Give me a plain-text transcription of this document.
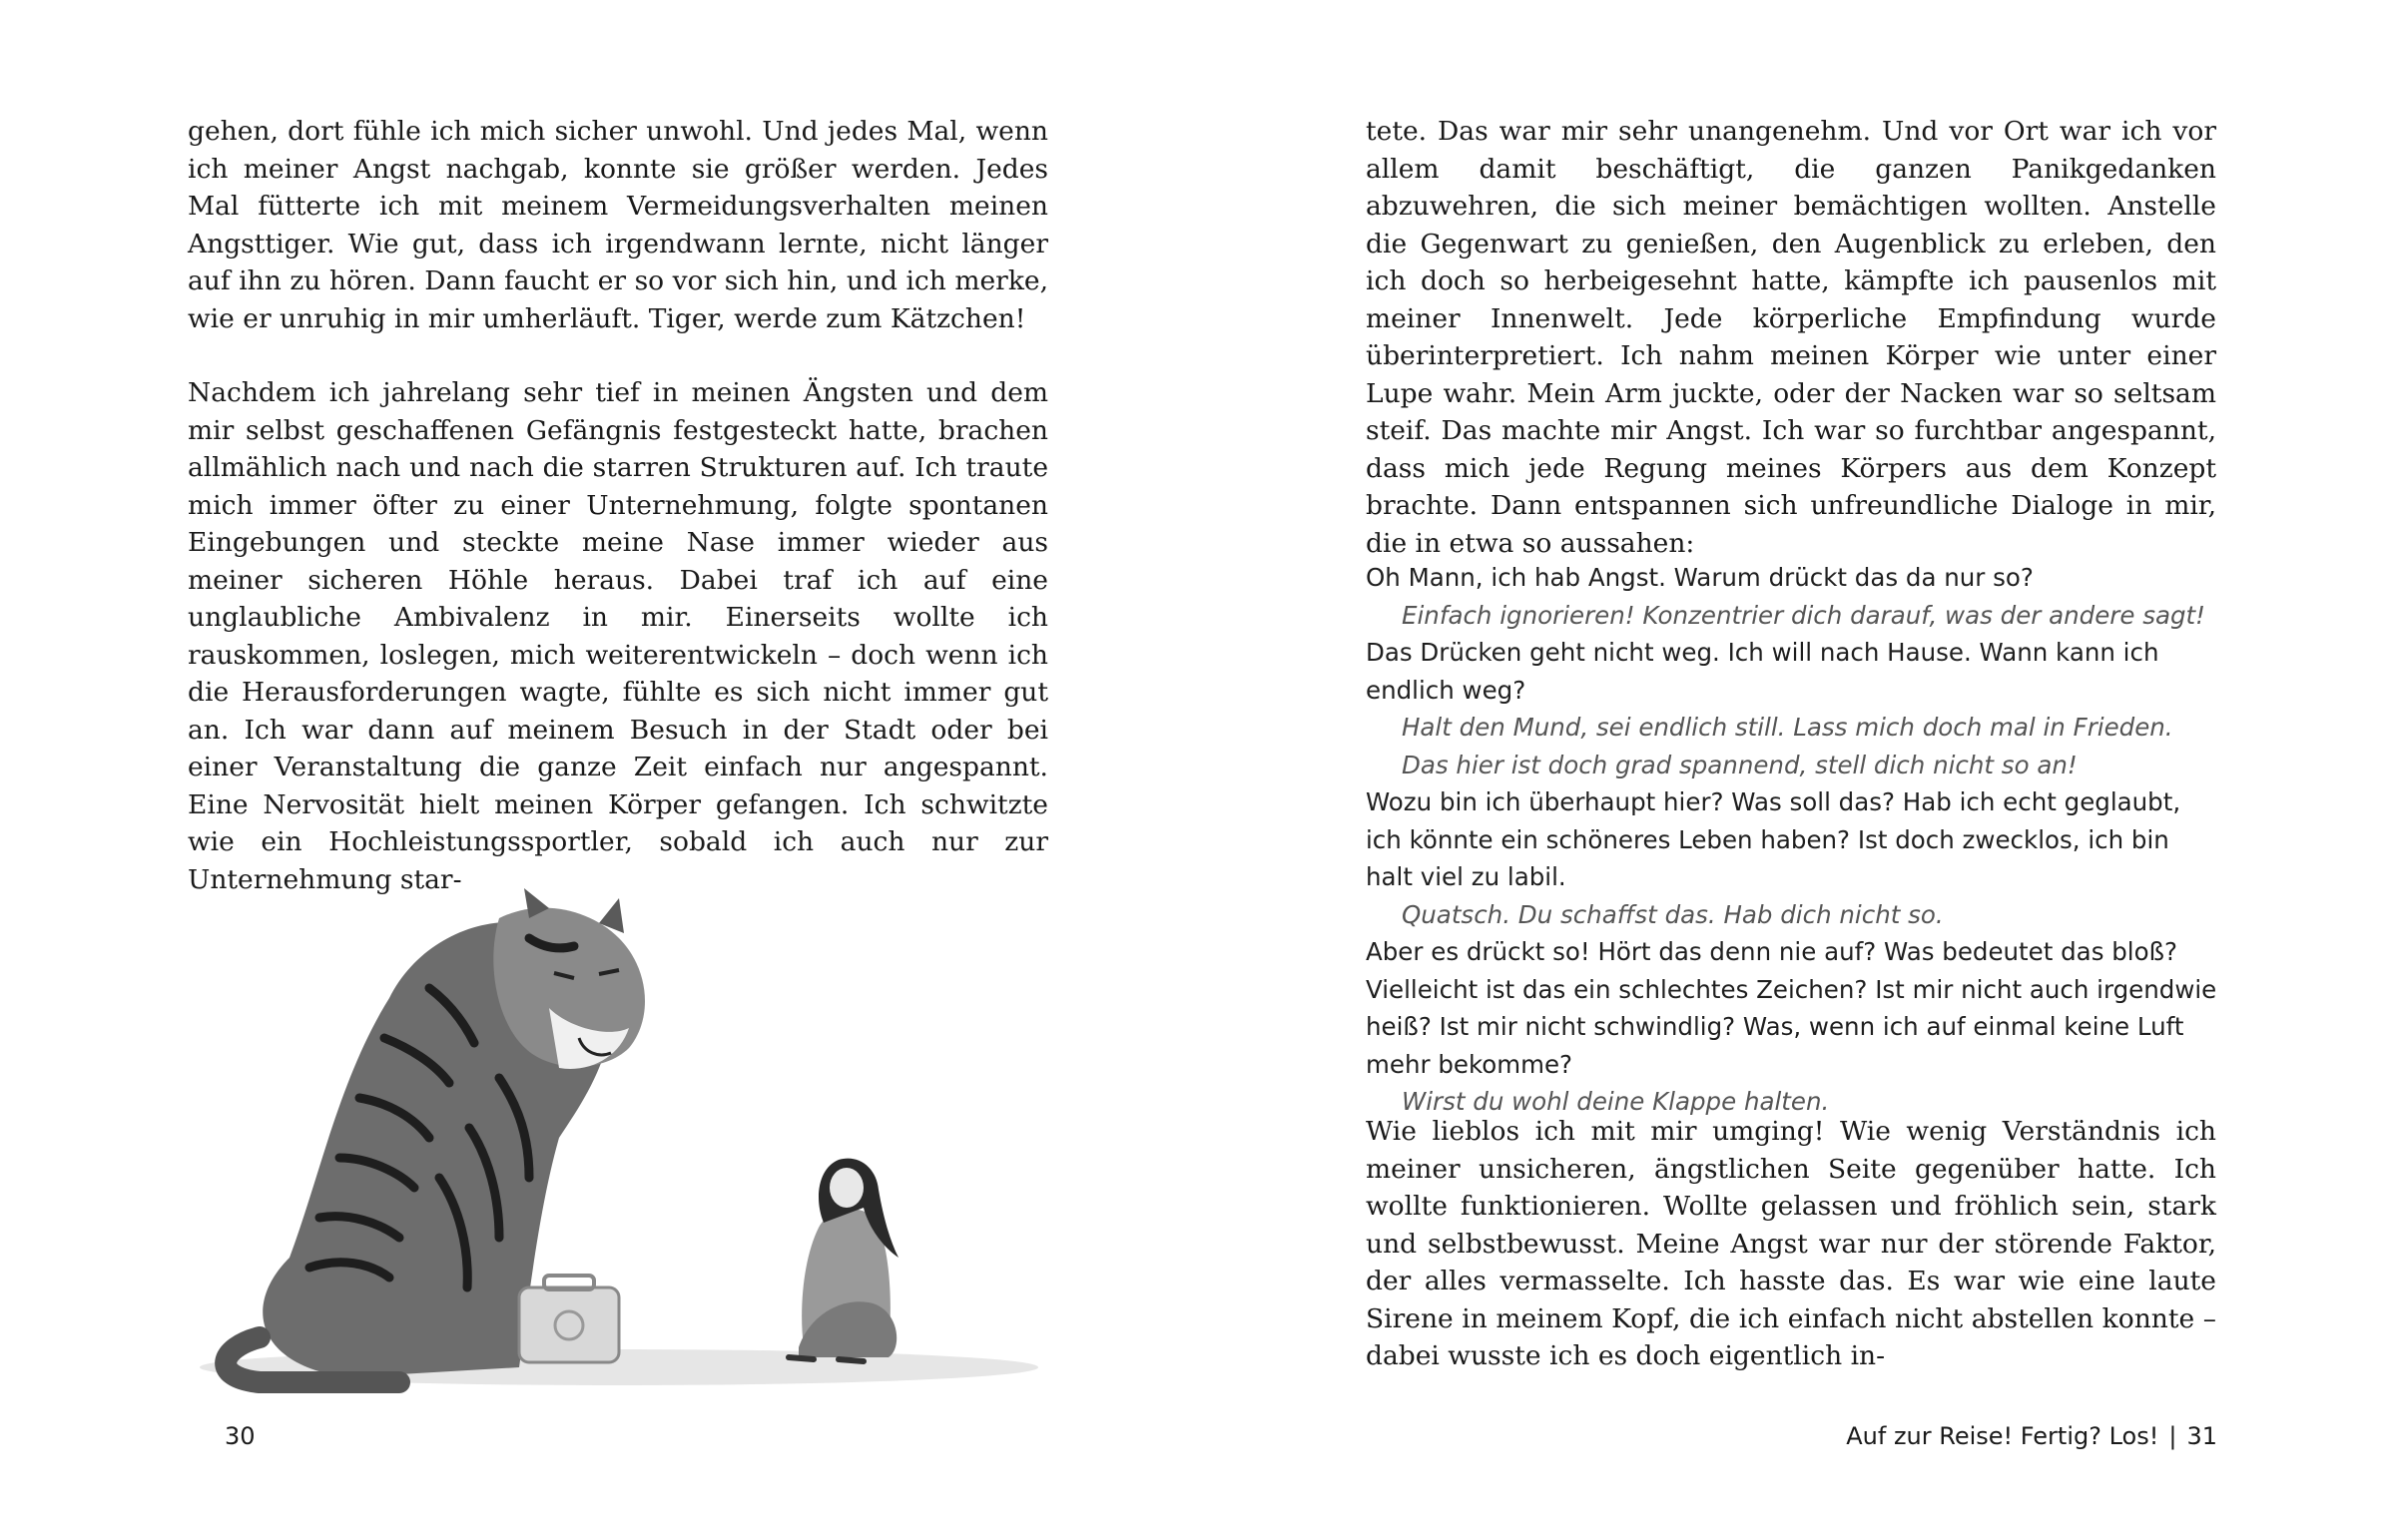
gehen, dort fühle ich mich sicher unwohl. Und jedes Mal, wenn ich meiner Angst nachgab, konnte sie größer werden. Jedes Mal fütterte ich mit meinem Vermeidungsverhalten meinen Angsttiger. Wie gut, dass ich irgendwann lernte, nicht länger auf ihn zu hören. Dann faucht er so vor sich hin, und ich merke, wie er unruhig in mir umherläuft. Tiger, werde zum Kätzchen!

Nachdem ich jahrelang sehr tief in meinen Ängsten und dem mir selbst geschaffenen Gefängnis festgesteckt hatte, brachen allmählich nach und nach die starren Strukturen auf. Ich traute mich immer öfter zu einer Unternehmung, folgte spontanen Eingebungen und steckte meine Nase immer wieder aus meiner sicheren Höhle heraus. Dabei traf ich auf eine unglaubliche Ambivalenz in mir. Einerseits wollte ich rauskommen, loslegen, mich weiterentwickeln – doch wenn ich die Herausforderungen wagte, fühlte es sich nicht immer gut an. Ich war dann auf meinem Besuch in der Stadt oder bei einer Veranstaltung die ganze Zeit einfach nur angespannt. Eine Nervosität hielt meinen Körper gefangen. Ich schwitzte wie ein Hochleistungssportler, sobald ich auch nur zur Unternehmung star-

30

tete. Das war mir sehr unangenehm. Und vor Ort war ich vor allem damit beschäftigt, die ganzen Panikgedanken abzuwehren, die sich meiner bemächtigen wollten. Anstelle die Gegenwart zu genießen, den Augenblick zu erleben, den ich doch so herbeigesehnt hatte, kämpfte ich pausenlos mit meiner Innenwelt. Jede körperliche Empfindung wurde überinterpretiert. Ich nahm meinen Körper wie unter einer Lupe wahr. Mein Arm juckte, oder der Nacken war so seltsam steif. Das machte mir Angst. Ich war so furchtbar angespannt, dass mich jede Regung meines Körpers aus dem Konzept brachte. Dann entspannen sich unfreundliche Dialoge in mir, die in etwa so aussahen:

Oh Mann, ich hab Angst. Warum drückt das da nur so?

Einfach ignorieren! Konzentrier dich darauf, was der andere sagt!

Das Drücken geht nicht weg. Ich will nach Hause. Wann kann ich endlich weg?

Halt den Mund, sei endlich still. Lass mich doch mal in Frieden. Das hier ist doch grad spannend, stell dich nicht so an!

Wozu bin ich überhaupt hier? Was soll das? Hab ich echt geglaubt, ich könnte ein schöneres Leben haben? Ist doch zwecklos, ich bin halt viel zu labil.

Quatsch. Du schaffst das. Hab dich nicht so.

Aber es drückt so! Hört das denn nie auf? Was bedeutet das bloß? Vielleicht ist das ein schlechtes Zeichen? Ist mir nicht auch irgendwie heiß? Ist mir nicht schwindlig? Was, wenn ich auf einmal keine Luft mehr bekomme?

Wirst du wohl deine Klappe halten.

Wie lieblos ich mit mir umging! Wie wenig Verständnis ich meiner unsicheren, ängstlichen Seite gegenüber hatte. Ich wollte funktionieren. Wollte gelassen und fröhlich sein, stark und selbstbewusst. Meine Angst war nur der störende Faktor, der alles vermasselte. Ich hasste das. Es war wie eine laute Sirene in meinem Kopf, die ich einfach nicht abstellen konnte – dabei wusste ich es doch eigentlich in-

Auf zur Reise! Fertig? Los! | 31
